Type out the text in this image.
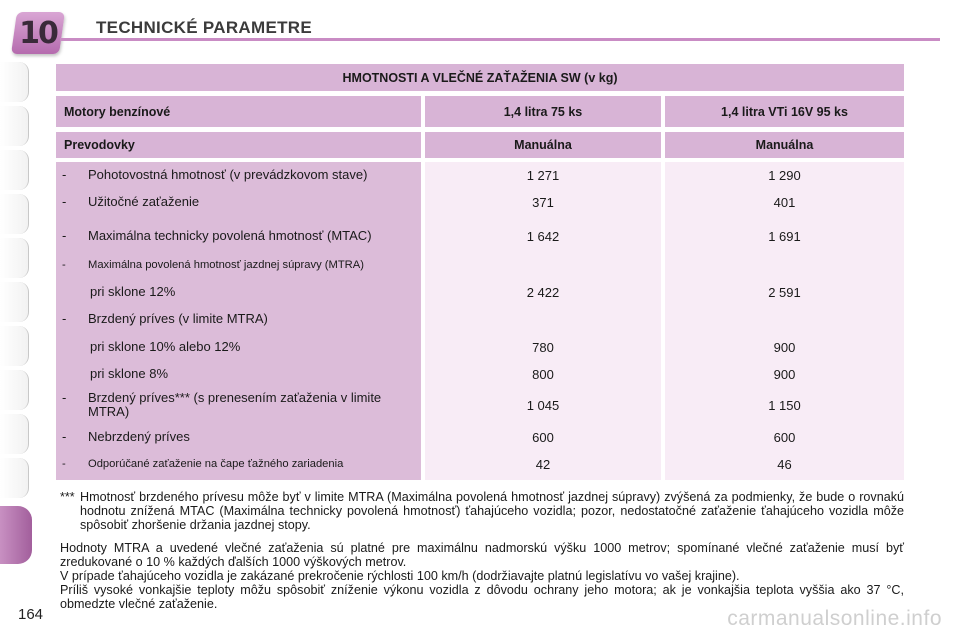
10	TECHNICKÉ PARAMETRE
HMOTNOSTI A VLEČNÉ ZAŤAŽENIA SW (v kg)
Motory benzínové	1,4 litra 75 ks	1,4 litra VTi 16V 95 ks
Prevodovky	Manuálna	Manuálna
-	Pohotovostná hmotnosť (v prevádzkovom stave)	1 271	1 290
-	Užitočné zaťaženie	371	401
-	Maximálna technicky povolená hmotnosť (MTAC)	1 642	1 691
-	Maximálna povolená hmotnosť jazdnej súpravy (MTRA)
pri sklone 12%	2 422	2 591
-	Brzdený príves (v limite MTRA)
pri sklone 10% alebo 12%	780	900
pri sklone 8%	800	900
-	Brzdený príves*** (s prenesením zaťaženia v limite MTRA)	1 045	1 150
-	Nebrzdený príves	600	600
-	Odporúčané zaťaženie na čape ťažného zariadenia	42	46
*** Hmotnosť brzdeného prívesu môže byť v limite MTRA (Maximálna povolená hmotnosť jazdnej súpravy) zvýšená za podmienky, že bude o rovnakú hodnotu znížená MTAC (Maximálna technicky povolená hmotnosť) ťahajúceho vozidla; pozor, nedostatočné zaťaženie ťahajúceho vozidla môže spôsobiť zhoršenie držania jazdnej stopy.
Hodnoty MTRA a uvedené vlečné zaťaženia sú platné pre maximálnu nadmorskú výšku 1000 metrov; spomínané vlečné zaťaženie musí byť zredukované o 10 % každých ďalších 1000 výškových metrov.
V prípade ťahajúceho vozidla je zakázané prekročenie rýchlosti 100 km/h (dodržiavajte platnú legislatívu vo vašej krajine).
Príliš vysoké vonkajšie teploty môžu spôsobiť zníženie výkonu vozidla z dôvodu ochrany jeho motora; ak je vonkajšia teplota vyššia ako 37 °C, obmedzte vlečné zaťaženie.
164	carmanualsonline.info
